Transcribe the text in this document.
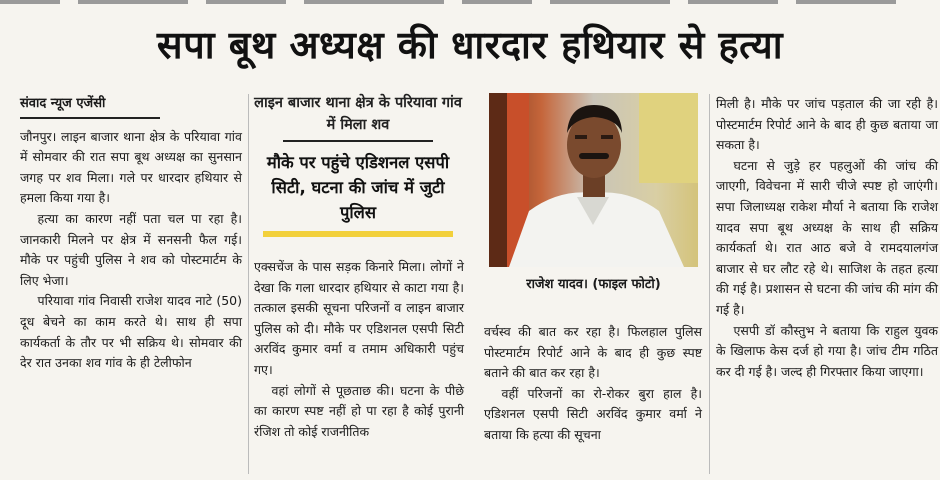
सपा बूथ अध्यक्ष की धारदार हथियार से हत्या
संवाद न्यूज एजेंसी

जौनपुर। लाइन बाजार थाना क्षेत्र के परियावा गांव में सोमवार की रात सपा बूथ अध्यक्ष का सुनसान जगह पर शव मिला। गले पर धारदार हथियार से हमला किया गया है।

हत्या का कारण नहीं पता चल पा रहा है। जानकारी मिलने पर क्षेत्र में सनसनी फैल गई। मौके पर पहुंची पुलिस ने शव को पोस्टमार्टम के लिए भेजा।

परियावा गांव निवासी राजेश यादव नाटे (50) दूध बेचने का काम करते थे। साथ ही सपा कार्यकर्ता के तौर पर भी सक्रिय थे। सोमवार की देर रात उनका शव गांव के ही टेलीफोन

लाइन बाजार थाना क्षेत्र के परियावा गांव में मिला शव
मौके पर पहुंचे एडिशनल एसपी सिटी, घटना की जांच में जुटी पुलिस

एक्सचेंज के पास सड़क किनारे मिला। लोगों ने देखा कि गला धारदार हथियार से काटा गया है। तत्काल इसकी सूचना परिजनों व लाइन बाजार पुलिस को दी। मौके पर एडिशनल एसपी सिटी अरविंद कुमार वर्मा व तमाम अधिकारी पहुंच गए।

वहां लोगों से पूछताछ की। घटना के पीछे का कारण स्पष्ट नहीं हो पा रहा है कोई पुरानी रंजिश तो कोई राजनीतिक

राजेश यादव। (फाइल फोटो)

वर्चस्व की बात कर रहा है। फिलहाल पुलिस पोस्टमार्टम रिपोर्ट आने के बाद ही कुछ स्पष्ट बताने की बात कर रहा है।

वहीं परिजनों का रो-रोकर बुरा हाल है। एडिशनल एसपी सिटी अरविंद कुमार वर्मा ने बताया कि हत्या की सूचना

मिली है। मौके पर जांच पड़ताल की जा रही है। पोस्टमार्टम रिपोर्ट आने के बाद ही कुछ बताया जा सकता है।

घटना से जुड़े हर पहलुओं की जांच की जाएगी, विवेचना में सारी चीजे स्पष्ट हो जाएंगी। सपा जिलाध्यक्ष राकेश मौर्या ने बताया कि राजेश यादव सपा बूथ अध्यक्ष के साथ ही सक्रिय कार्यकर्ता थे। रात आठ बजे वे रामदयालगंज बाजार से घर लौट रहे थे। साजिश के तहत हत्या की गई है। प्रशासन से घटना की जांच की मांग की गई है।

एसपी डॉ कौस्तुभ ने बताया कि राहुल युवक के खिलाफ केस दर्ज हो गया है। जांच टीम गठित कर दी गई है। जल्द ही गिरफ्तार किया जाएगा।
